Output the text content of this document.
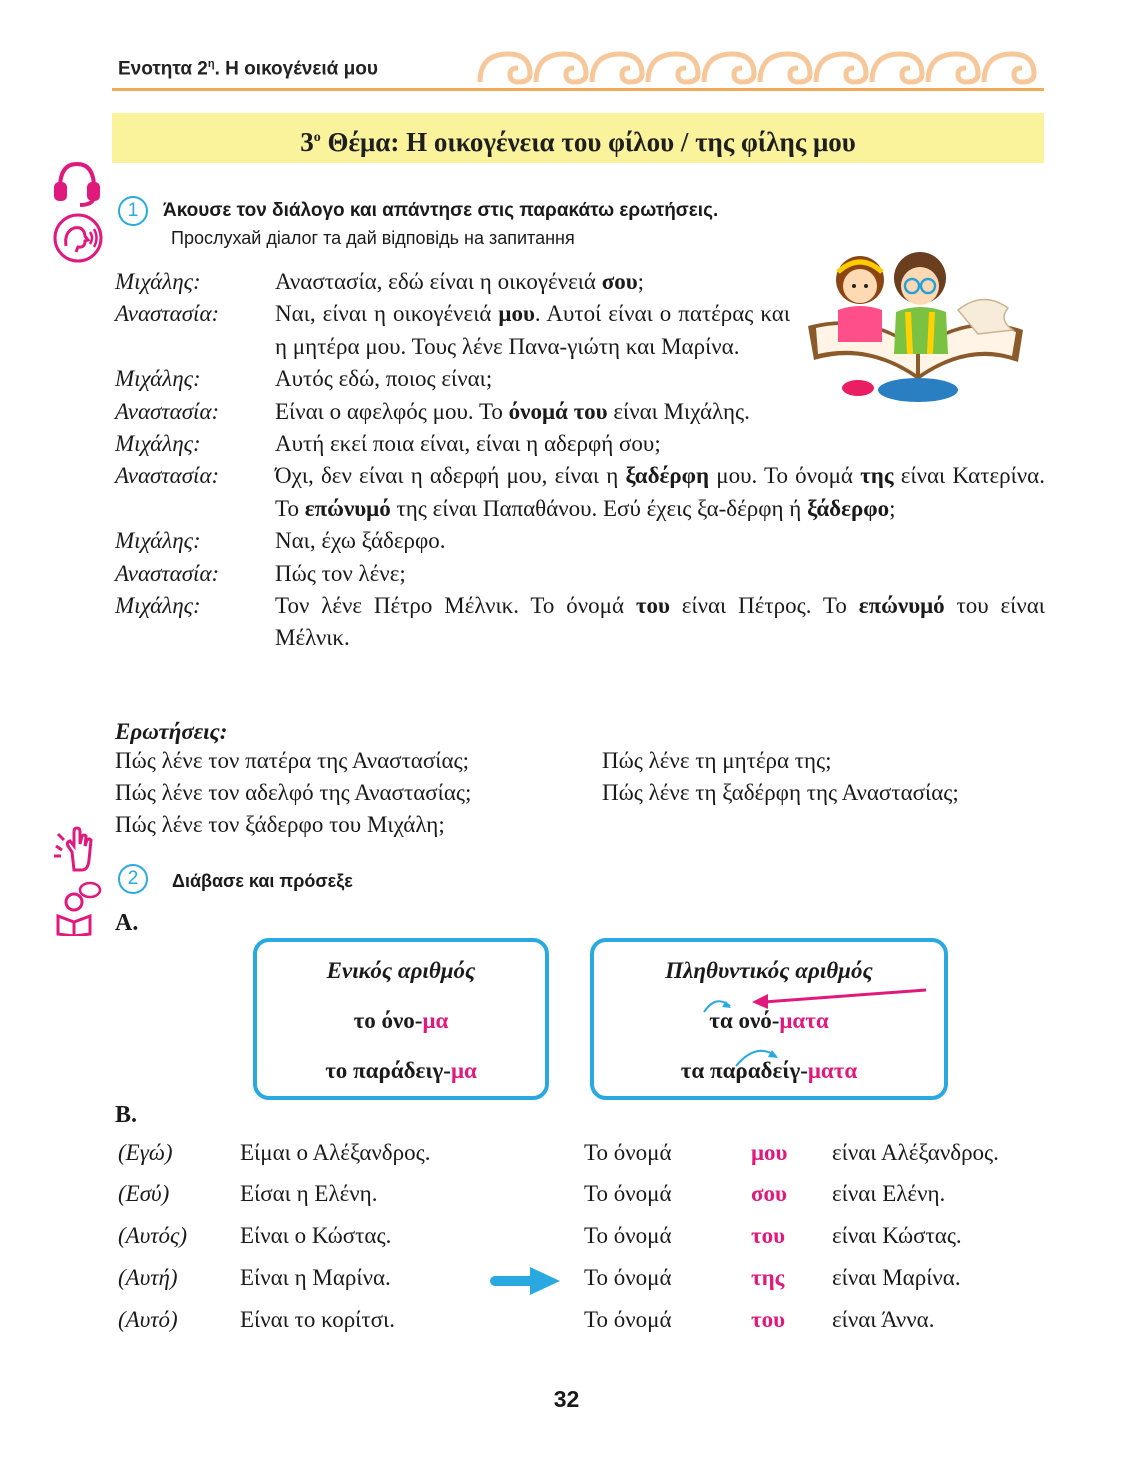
Ενοτητα $2^\eta$. Η οικογένειά μου
$3^o$ Θέμα: Η οικογένεια του φίλου / της φίλης μου
1	Άκουσε τον διάλογο και απάντησε στις παρακάτω ερωτήσεις.
Прослухай діалог та дай відповідь на запитання
Μιχάλης:	Αναστασία, εδώ είναι η οικογένειά σου;
Αναστασία:	Ναι, είναι η οικογένειά μου. Αυτοί είναι ο πατέρας και η μητέρα μου. Τους λένε Πανα-γιώτη και Μαρίνα.
Μιχάλης:	Αυτός εδώ, ποιος είναι;
Αναστασία:	Είναι ο αφελφός μου. Το όνομά του είναι Μιχάλης.
Μιχάλης:	Αυτή εκεί ποια είναι, είναι η αδερφή σου;
Αναστασία:	Όχι, δεν είναι η αδερφή μου, είναι η ξαδέρφη μου. Το όνομά της είναι Κατερίνα. Το επώνυμό της είναι Παπαθάνου. Εσύ έχεις ξα-δέρφη ή ξάδερφο;
Μιχάλης:	Ναι, έχω ξάδερφο.
Αναστασία:	Πώς τον λένε;
Μιχάλης:	Τον λένε Πέτρο Μέλνικ. Το όνομά του είναι Πέτρος. Το επώνυμό του είναι Μέλνικ.
Ερωτήσεις:
Πώς λένε τον πατέρα της Αναστασίας;	Πώς λένε τη μητέρα της;
Πώς λένε τον αδελφό της Αναστασίας;	Πώς λένε τη ξαδέρφη της Αναστασίας;
Πώς λένε τον ξάδερφο του Μιχάλη;
2	Διάβασε και πρόσεξε
Α.
Ενικός αριθμός
το όνο-μα
το παράδειγ-μα
Πληθυντικός αριθμός
τα ονό-ματα
τα παραδείγ-ματα
Β.
(Εγώ)	Είμαι ο Αλέξανδρος.	Το όνομά	μου είναι Αλέξανδρος.
(Εσύ)	Είσαι η Ελένη.	Το όνομά	σου είναι Ελένη.
(Αυτός) Είναι ο Κώστας.	Το όνομά	του είναι Κώστας.
(Αυτή)	Είναι η Μαρίνα.	Το όνομά	της είναι Μαρίνα.
(Αυτό)	Είναι το κορίτσι.	Το όνομά	του είναι Άννα.
32
